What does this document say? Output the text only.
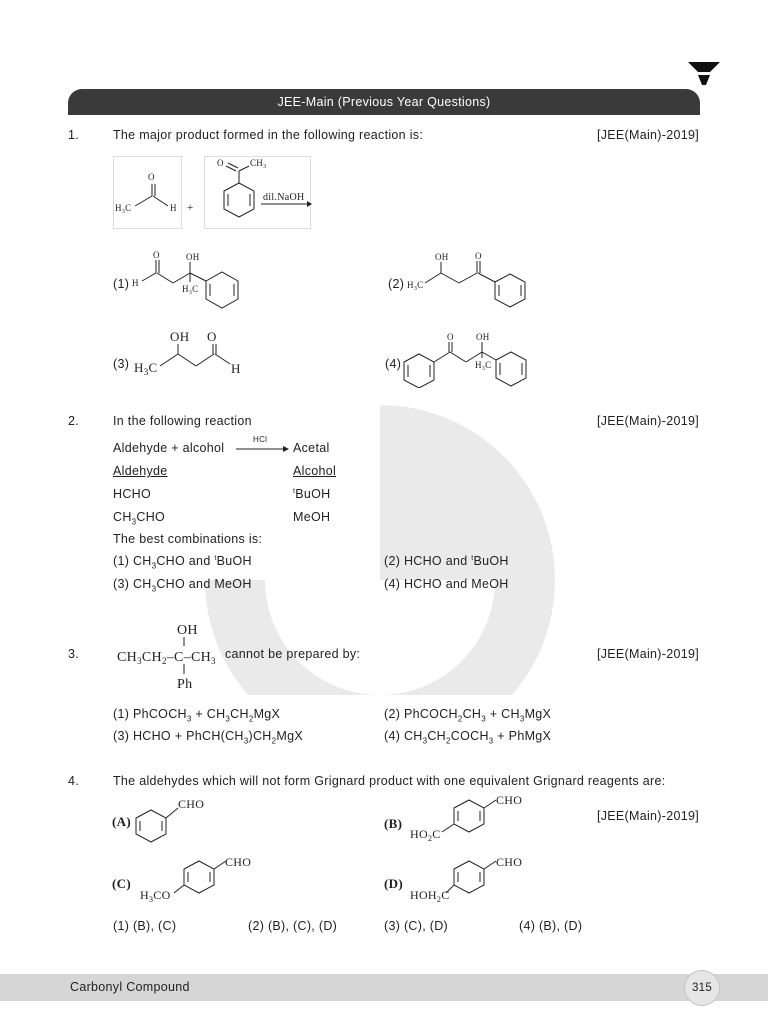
JEE-Main (Previous Year Questions)
1.	The major product formed in the following reaction is:	[JEE(Main)-2019]
$H_3C$
O
H +
O	$CH_3$
dil.NaOH
(1) H
O	OH
$H_3C$	(2) $H_3C$
OH	O
(3) $H_3C$
OH O
H	(4)
O OH
$H_3C$
2.	In the following reaction	[JEE(Main)-2019]
Aldehyde + alcohol
HCl
Acetal
Aldehyde	Alcohol
HCHO	$^t$BuOH
$CH_3CHO$	MeOH
The best combinations is:
(1) $CH_3CHO$ and $^t$BuOH	(2) HCHO and $^t$BuOH
(3) $CH_3CHO$ and MeOH	(4) HCHO and MeOH
3.
OH
$CH_3CH_2-C-CH_3$
Ph
cannot be prepared by:	[JEE(Main)-2019]
(1) PhCOCH$_3$ + $CH_3CH_2MgX$	(2) $PhCOCH_2CH_3 + CH_3MgX$
(3) HCHO + $PhCH(CH_3)CH_2MgX$	(4) $CH_3CH_2COCH_3$ + PhMgX
4.	The aldehydes which will not form Grignard product with one equivalent Grignard reagents are:
[JEE(Main)-2019]
(A)
CHO
(B)
CHO
$HO_2C$
(C)
CHO
$H_3CO$
(D)
CHO
$HOH_2C$
(1) (B), (C)	(2) (B), (C), (D)	(3) (C), (D)	(4) (B), (D)
Carbonyl Compound	315
